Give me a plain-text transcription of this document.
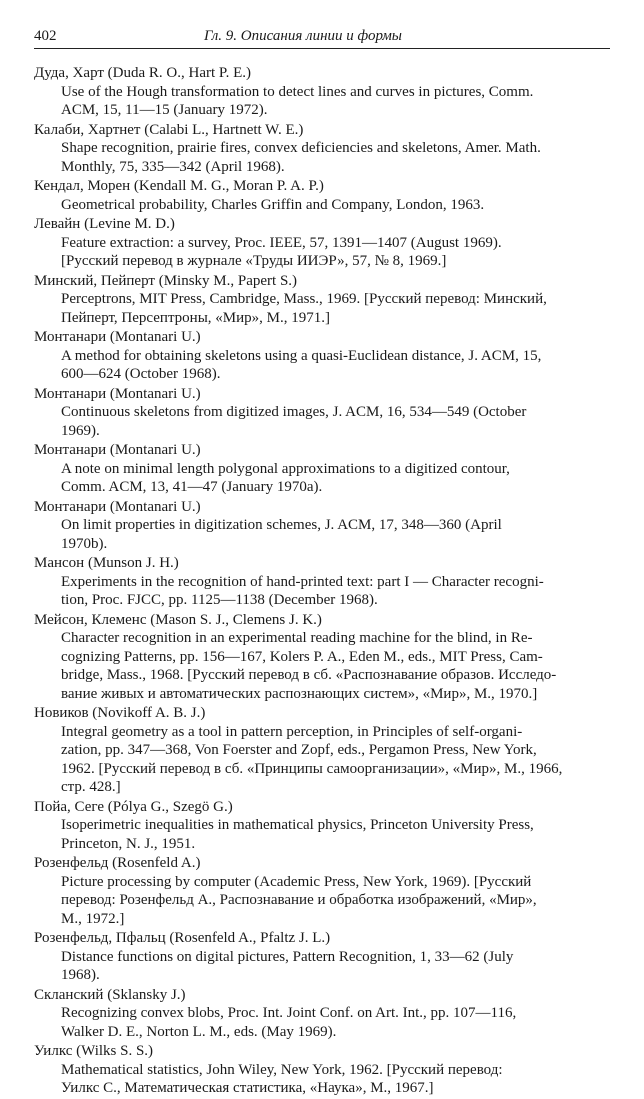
402	Гл. 9. Описания линии и формы
Дуда, Харт (Duda R. O., Hart P. E.)
Use of the Hough transformation to detect lines and curves in pictures, Comm.
ACM, 15, 11—15 (January 1972).
Калаби, Хартнет (Calabi L., Hartnett W. E.)
Shape recognition, prairie fires, convex deficiencies and skeletons, Amer. Math.
Monthly, 75, 335—342 (April 1968).
Кендал, Морен (Kendall M. G., Moran P. A. P.)
Geometrical probability, Charles Griffin and Company, London, 1963.
Левайн (Levine M. D.)
Feature extraction: a survey, Proc. IEEE, 57, 1391—1407 (August 1969).
[Русский перевод в журнале «Труды ИИЭР», 57, № 8, 1969.]
Минский, Пейперт (Minsky M., Papert S.)
Perceptrons, MIT Press, Cambridge, Mass., 1969. [Русский перевод: Минский,
Пейперт, Персептроны, «Мир», М., 1971.]
Монтанари (Montanari U.)
A method for obtaining skeletons using a quasi-Euclidean distance, J. ACM, 15,
600—624 (October 1968).
Монтанари (Montanari U.)
Continuous skeletons from digitized images, J. ACM, 16, 534—549 (October
1969).
Монтанари (Montanari U.)
A note on minimal length polygonal approximations to a digitized contour,
Comm. ACM, 13, 41—47 (January 1970a).
Монтанари (Montanari U.)
On limit properties in digitization schemes, J. ACM, 17, 348—360 (April
1970b).
Мансон (Munson J. H.)
Experiments in the recognition of hand-printed text: part I — Character recogni-
tion, Proc. FJCC, pp. 1125—1138 (December 1968).
Мейсон, Клеменс (Mason S. J., Clemens J. K.)
Character recognition in an experimental reading machine for the blind, in Re-
cognizing Patterns, pp. 156—167, Kolers P. A., Eden M., eds., MIT Press, Cam-
bridge, Mass., 1968. [Русский перевод в сб. «Распознавание образов. Исследо-
вание живых и автоматических распознающих систем», «Мир», М., 1970.]
Новиков (Novikoff A. B. J.)
Integral geometry as a tool in pattern perception, in Principles of self-organi-
zation, pp. 347—368, Von Foerster and Zopf, eds., Pergamon Press, New York,
1962. [Русский перевод в сб. «Принципы самоорганизации», «Мир», М., 1966,
стр. 428.]
Пойа, Сеге (Pólya G., Szegö G.)
Isoperimetric inequalities in mathematical physics, Princeton University Press,
Princeton, N. J., 1951.
Розенфельд (Rosenfeld A.)
Picture processing by computer (Academic Press, New York, 1969). [Русский
перевод: Розенфельд А., Распознавание и обработка изображений, «Мир»,
М., 1972.]
Розенфельд, Пфальц (Rosenfeld A., Pfaltz J. L.)
Distance functions on digital pictures, Pattern Recognition, 1, 33—62 (July
1968).
Скланский (Sklansky J.)
Recognizing convex blobs, Proc. Int. Joint Conf. on Art. Int., pp. 107—116,
Walker D. E., Norton L. M., eds. (May 1969).
Уилкс (Wilks S. S.)
Mathematical statistics, John Wiley, New York, 1962. [Русский перевод:
Уилкс С., Математическая статистика, «Наука», М., 1967.]
